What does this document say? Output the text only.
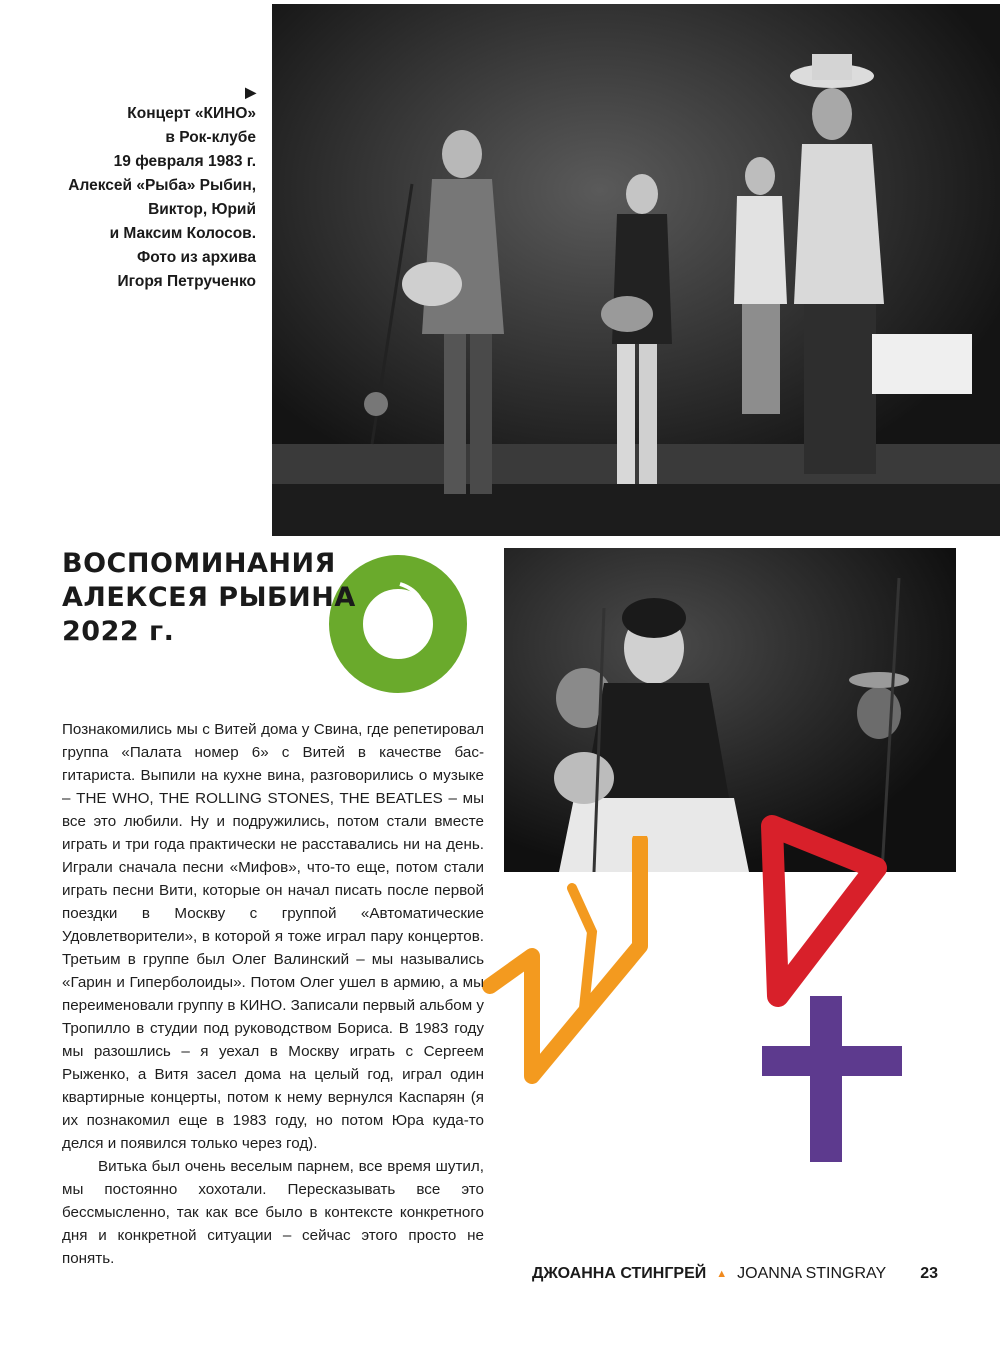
▶
Концерт «КИНО»
в Рок-клубе
19 февраля 1983 г.
Алексей «Рыба» Рыбин,
Виктор, Юрий
и Максим Колосов.
Фото из архива
Игоря Петрученко
ВОСПОМИНАНИЯ
АЛЕКСЕЯ РЫБИНА
2022 г.

Познакомились мы с Витей дома у Свина, где репетировал группа «Палата номер 6» с Витей в качестве бас-гитариста. Выпили на кухне вина, разговорились о музыке – THE WHO, THE ROLLING STONES, THE BEATLES – мы все это любили. Ну и подружились, потом стали вместе играть и три года практически не расставались ни на день. Играли сначала песни «Мифов», что-то еще, потом стали играть песни Вити, которые он начал писать после первой поездки в Москву с группой «Автоматические Удовлетворители», в которой я тоже играл пару концертов. Третьим в группе был Олег Валинский – мы назывались «Гарин и Гиперболоиды». Потом Олег ушел в армию, а мы переименовали группу в КИНО. Записали первый альбом у Тропилло в студии под руководством Бориса. В 1983 году мы разошлись – я уехал в Москву играть с Сергеем Рыженко, а Витя засел дома на целый год, играл один квартирные концерты, потом к нему вернулся Каспарян (я их познакомил еще в 1983 году, но потом Юра куда-то делся и появился только через год).

Витька был очень веселым парнем, все время шутил, мы постоянно хохотали. Пересказывать все это бессмысленно, так как все было в контексте конкретного дня и конкретной ситуации – сейчас этого просто не понять.

ДЖОАННА СТИНГРЕЙ ▲ JOANNA STINGRAY 23
